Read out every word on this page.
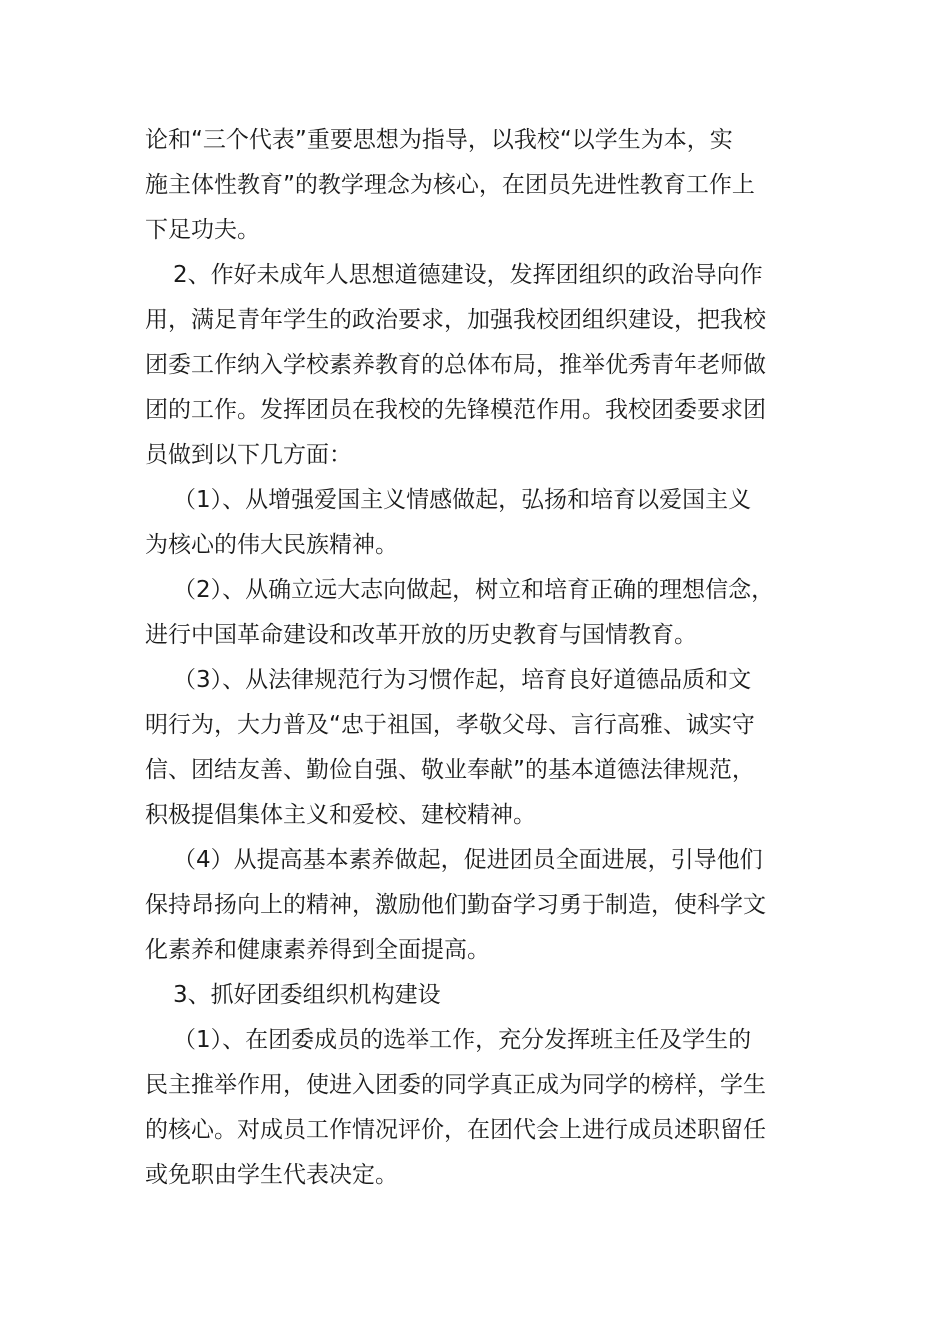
论和“三个代表”重要思想为指导，以我校“以学生为本，实
施主体性教育”的教学理念为核心，在团员先进性教育工作上
下足功夫。
2、作好未成年人思想道德建设，发挥团组织的政治导向作
用，满足青年学生的政治要求，加强我校团组织建设，把我校
团委工作纳入学校素养教育的总体布局，推举优秀青年老师做
团的工作。发挥团员在我校的先锋模范作用。我校团委要求团
员做到以下几方面：
（1）、从增强爱国主义情感做起，弘扬和培育以爱国主义
为核心的伟大民族精神。
（2）、从确立远大志向做起，树立和培育正确的理想信念，
进行中国革命建设和改革开放的历史教育与国情教育。
（3）、从法律规范行为习惯作起，培育良好道德品质和文
明行为，大力普及“忠于祖国，孝敬父母、言行高雅、诚实守
信、团结友善、勤俭自强、敬业奉献”的基本道德法律规范，
积极提倡集体主义和爱校、建校精神。
（4）从提高基本素养做起，促进团员全面进展，引导他们
保持昂扬向上的精神，激励他们勤奋学习勇于制造，使科学文
化素养和健康素养得到全面提高。
3、抓好团委组织机构建设
（1）、在团委成员的选举工作，充分发挥班主任及学生的
民主推举作用，使进入团委的同学真正成为同学的榜样，学生
的核心。对成员工作情况评价，在团代会上进行成员述职留任
或免职由学生代表决定。
